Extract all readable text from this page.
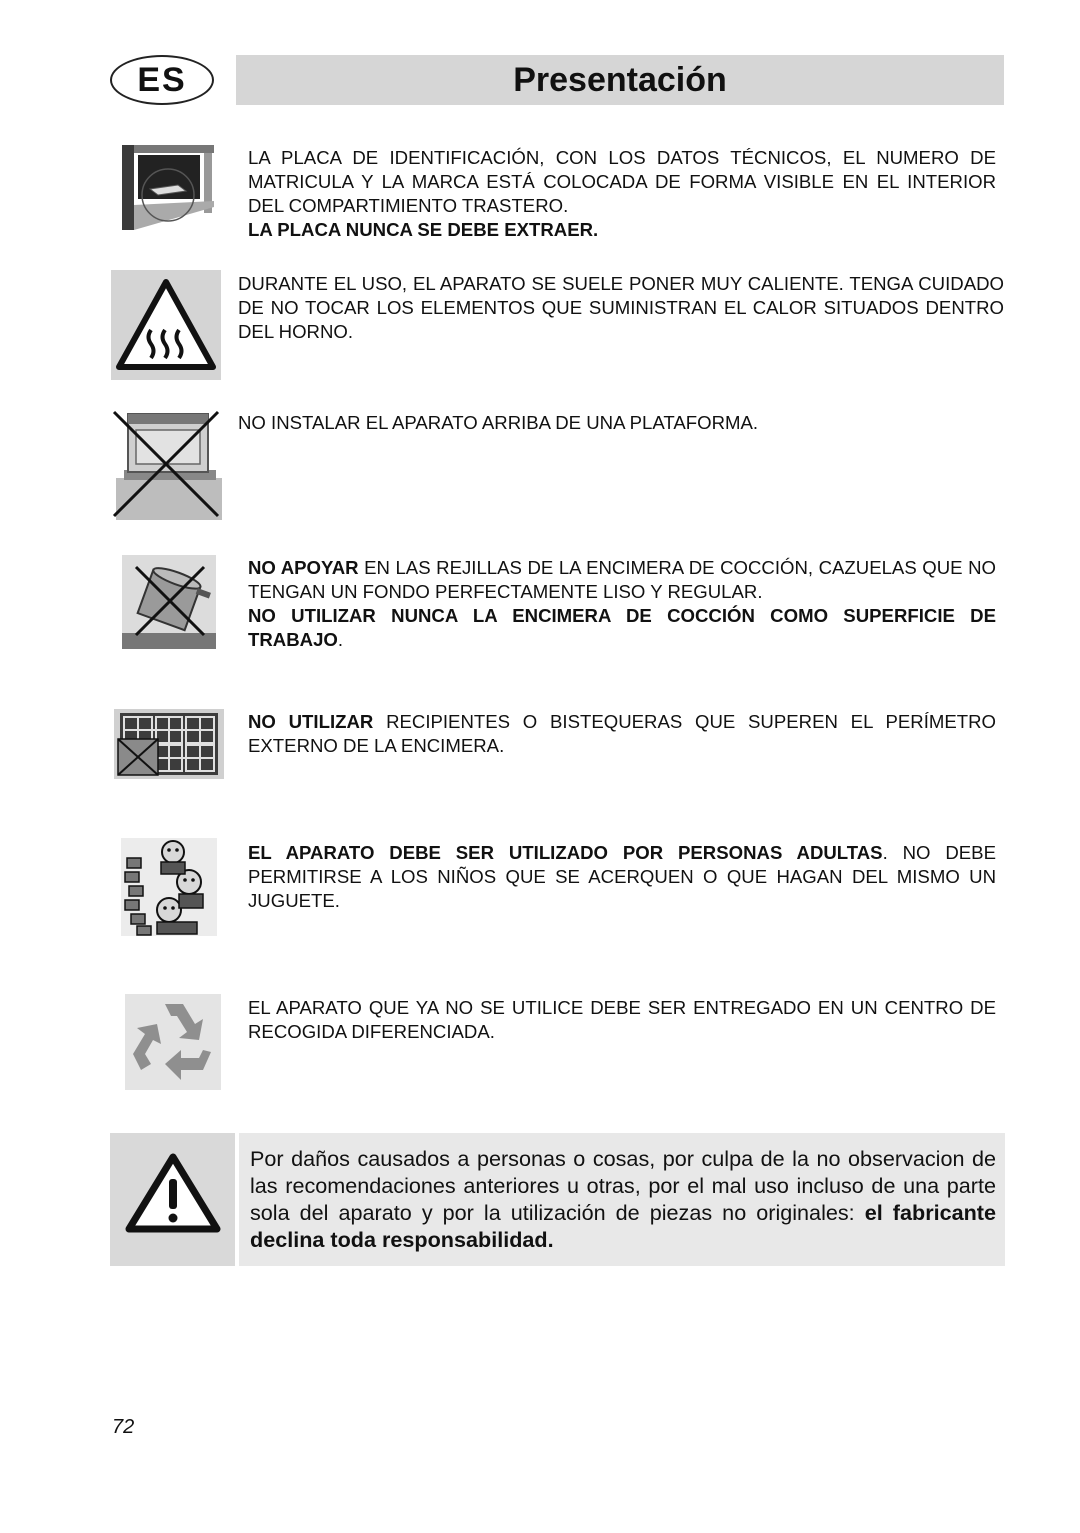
ES	Presentación

LA PLACA DE IDENTIFICACIÓN, CON LOS DATOS TÉCNICOS, EL NUMERO DE MATRICULA Y LA MARCA ESTÁ COLOCADA DE FORMA VISIBLE EN EL INTERIOR DEL COMPARTIMIENTO TRASTERO.

LA PLACA NUNCA SE DEBE EXTRAER.

DURANTE EL USO, EL APARATO SE SUELE PONER MUY CALIENTE. TENGA CUIDADO DE NO TOCAR LOS ELEMENTOS QUE SUMINISTRAN EL CALOR SITUADOS DENTRO DEL HORNO.

NO INSTALAR EL APARATO ARRIBA DE UNA PLATAFORMA.

NO APOYAR EN LAS REJILLAS DE LA ENCIMERA DE COCCIÓN, CAZUELAS QUE NO TENGAN UN FONDO PERFECTAMENTE LISO Y REGULAR.

NO UTILIZAR NUNCA LA ENCIMERA DE COCCIÓN COMO SUPERFICIE DE TRABAJO.

NO UTILIZAR RECIPIENTES O BISTEQUERAS QUE SUPEREN EL PERÍMETRO EXTERNO DE LA ENCIMERA.

EL APARATO DEBE SER UTILIZADO POR PERSONAS ADULTAS. NO DEBE PERMITIRSE A LOS NIÑOS QUE SE ACERQUEN O QUE HAGAN DEL MISMO UN JUGUETE.

EL APARATO QUE YA NO SE UTILICE DEBE SER ENTREGADO EN UN CENTRO DE RECOGIDA DIFERENCIADA.

Por daños causados a personas o cosas, por culpa de la no observacion de las recomendaciones anteriores u otras, por el mal uso incluso de una parte sola del aparato y por la utilización de piezas no originales: el fabricante declina toda responsabilidad.

72
